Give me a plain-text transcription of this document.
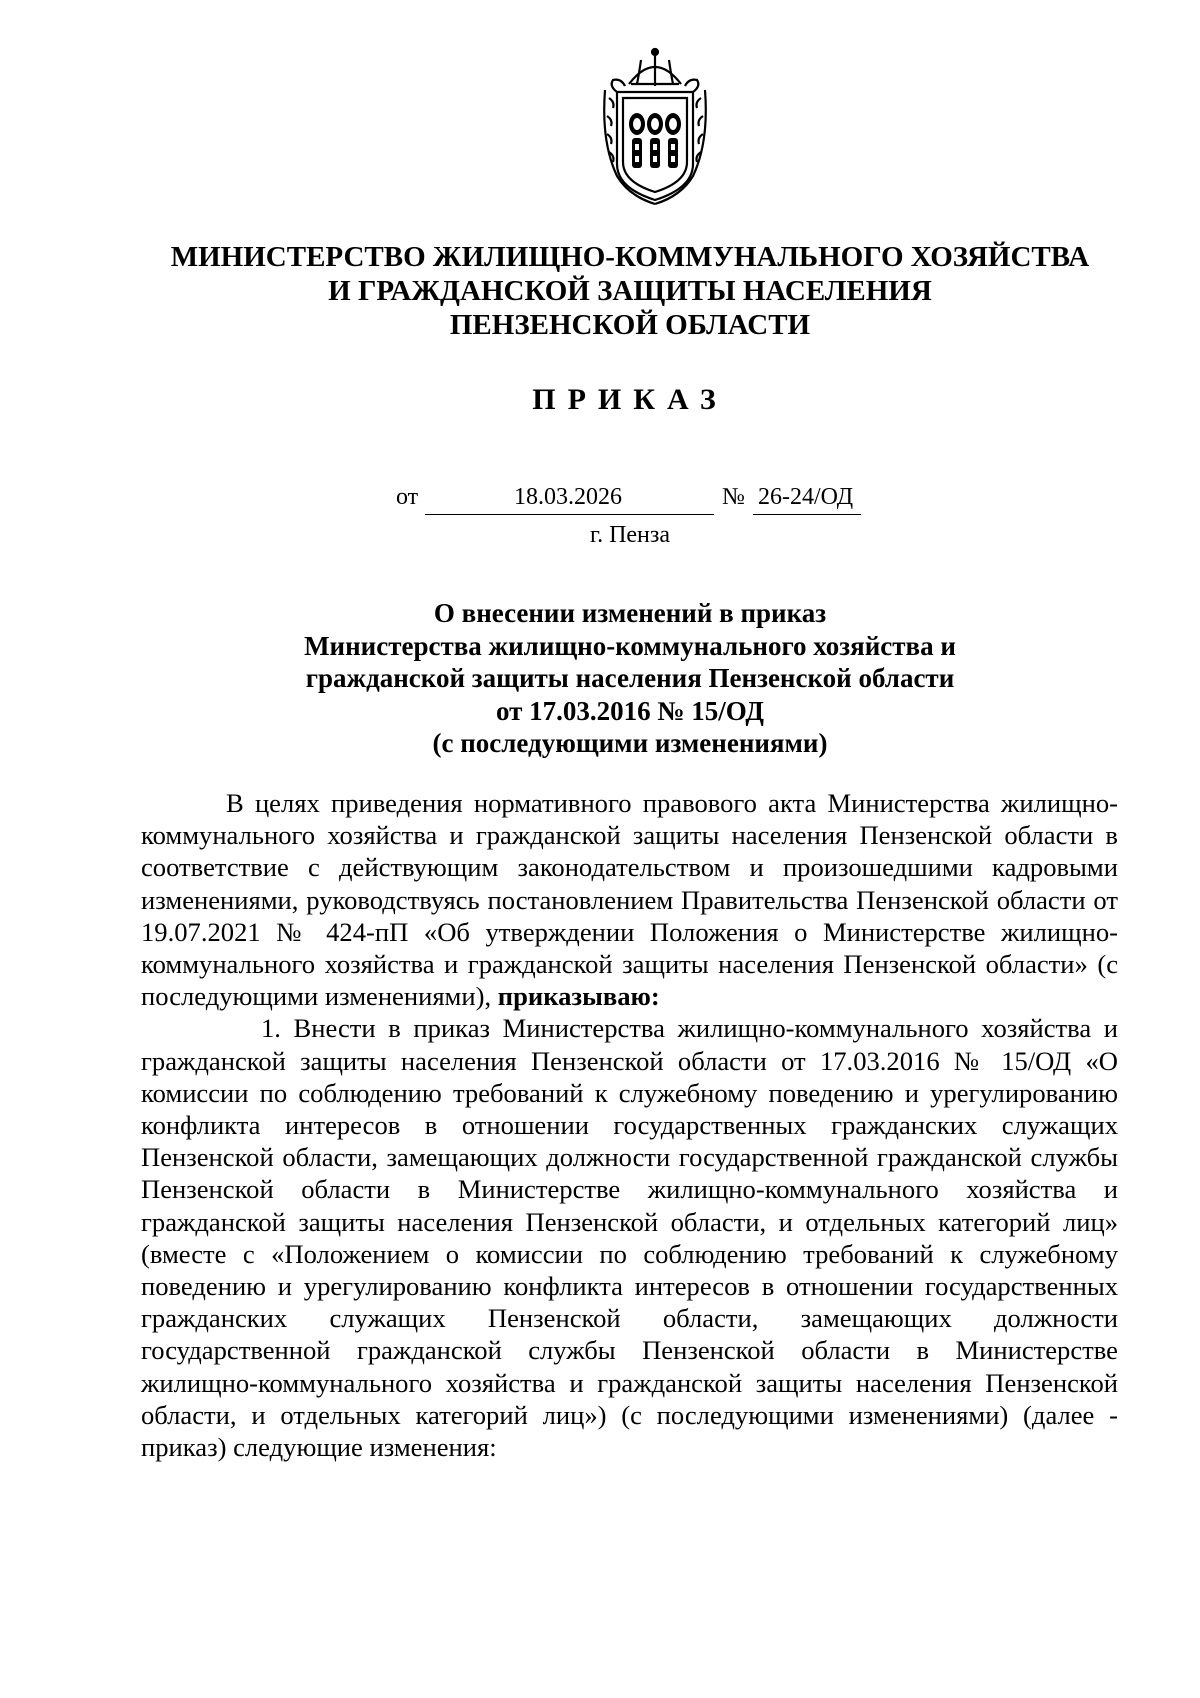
МИНИСТЕРСТВО ЖИЛИЩНО-КОММУНАЛЬНОГО ХОЗЯЙСТВА
И ГРАЖДАНСКОЙ ЗАЩИТЫ НАСЕЛЕНИЯ
ПЕНЗЕНСКОЙ ОБЛАСТИ
ПРИКАЗ
от	18.03.2026	№ 26-24/ОД
г. Пенза
О внесении изменений в приказ
Министерства жилищно-коммунального хозяйства и
гражданской защиты населения Пензенской области
от 17.03.2016 № 15/ОД
(с последующими изменениями)

В целях приведения нормативного правового акта Министерства жилищно-коммунального хозяйства и гражданской защиты населения Пензенской области в соответствие с действующим законодательством и произошедшими кадровыми изменениями, руководствуясь постановлением Правительства Пензенской области от 19.07.2021 № 424-пП «Об утверждении Положения о Министерстве жилищно-коммунального хозяйства и гражданской защиты населения Пензенской области» (с последующими изменениями), приказываю:

1. Внести в приказ Министерства жилищно-коммунального хозяйства и гражданской защиты населения Пензенской области от 17.03.2016 № 15/ОД «О комиссии по соблюдению требований к служебному поведению и урегулированию конфликта интересов в отношении государственных гражданских служащих Пензенской области, замещающих должности государственной гражданской службы Пензенской области в Министерстве жилищно-коммунального хозяйства и гражданской защиты населения Пензенской области, и отдельных категорий лиц» (вместе с «Положением о комиссии по соблюдению требований к служебному поведению и урегулированию конфликта интересов в отношении государственных гражданских служащих Пензенской области, замещающих должности государственной гражданской службы Пензенской области в Министерстве жилищно-коммунального хозяйства и гражданской защиты населения Пензенской области, и отдельных категорий лиц») (с последующими изменениями) (далее - приказ) следующие изменения:
